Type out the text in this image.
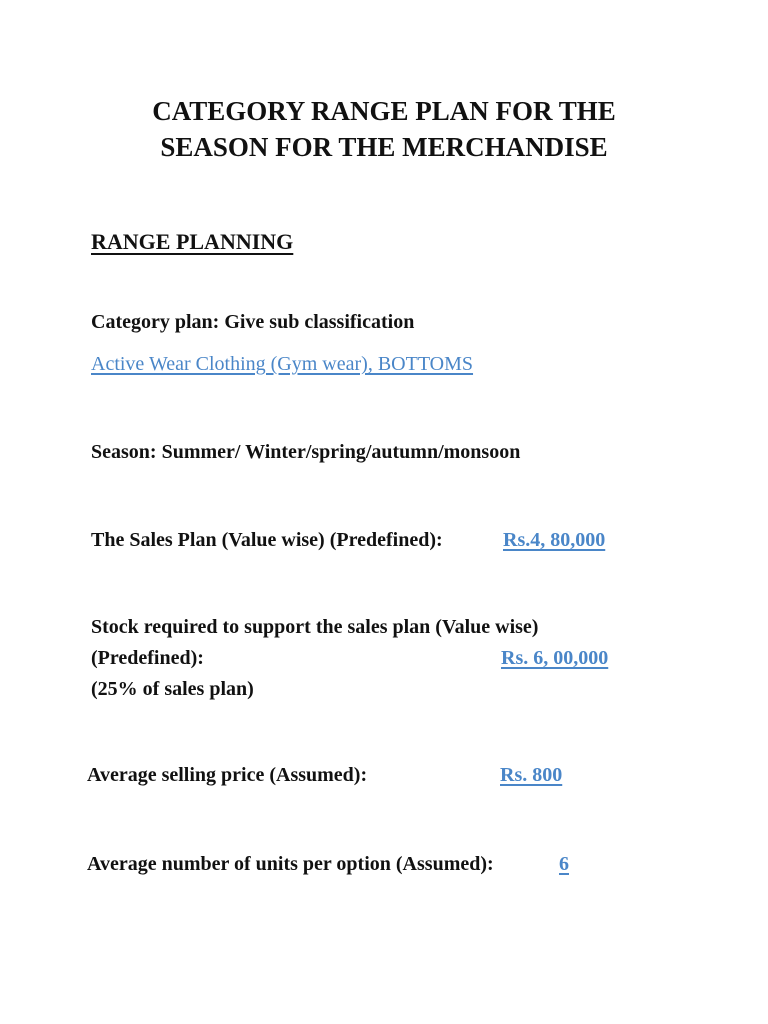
CATEGORY RANGE PLAN FOR THE
SEASON FOR THE MERCHANDISE
RANGE PLANNING
Category plan: Give sub classification
Active Wear Clothing (Gym wear), BOTTOMS
Season: Summer/ Winter/spring/autumn/monsoon
The Sales Plan (Value wise) (Predefined):	Rs.4, 80,000
Stock required to support the sales plan (Value wise)
(Predefined):	Rs. 6, 00,000
(25% of sales plan)
Average selling price (Assumed):	Rs. 800
Average number of units per option (Assumed):	6
